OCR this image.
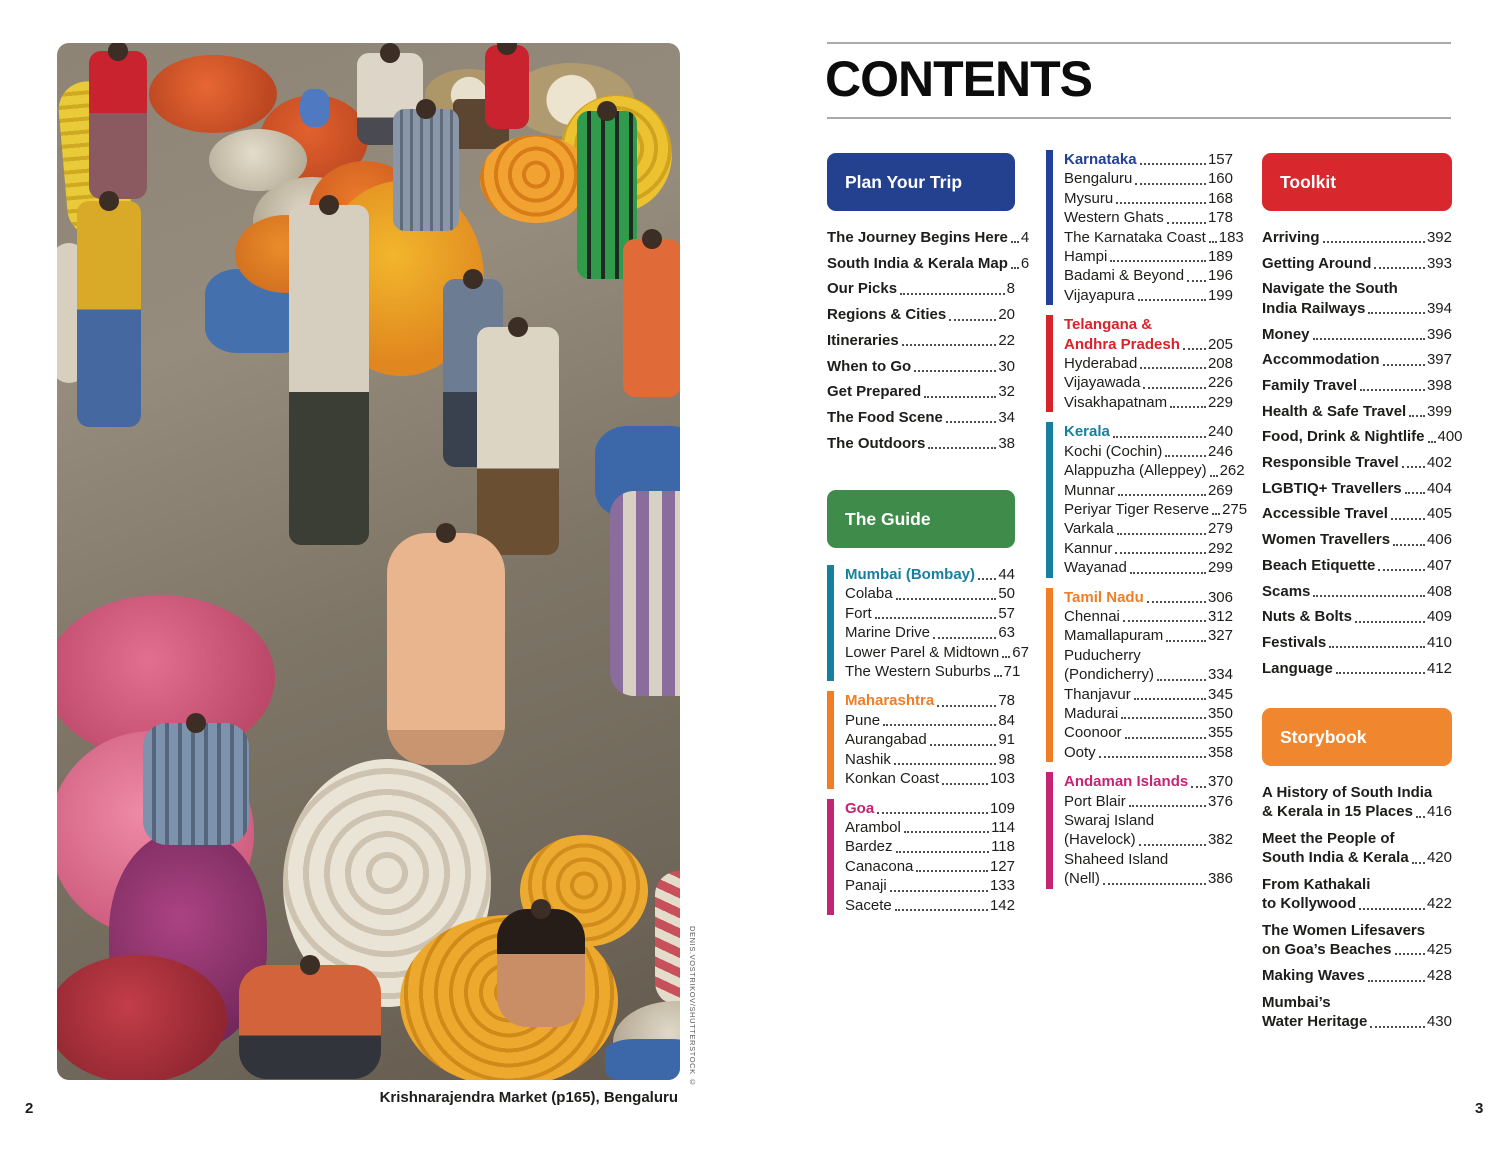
DENIS.VOSTRIKOV/SHUTTERSTOCK ©
Krishnarajendra Market (p165), Bengaluru
2	3
CONTENTS
Plan Your Trip
The Journey Begins Here 4
South India & Kerala Map 6
Our Picks	8
Regions & Cities	20
Itineraries	22
When to Go	30
Get Prepared	32
The Food Scene	34
The Outdoors	38
The Guide
Mumbai (Bombay) 44
Colaba	50
Fort	57
Marine Drive	63
Lower Parel & Midtown 67
The Western Suburbs 71
Maharashtra	78
Pune	84
Aurangabad	91
Nashik	98
Konkan Coast	103
Goa	109
Arambol	114
Bardez	118
Canacona	127
Panaji	133
Sacete	142
Karnataka	157
Bengaluru	160
Mysuru	168
Western Ghats	178
The Karnataka Coast 183
Hampi	189
Badami & Beyond 196
Vijayapura	199
Telangana &
Andhra Pradesh 205
Hyderabad	208
Vijayawada	226
Visakhapatnam	229
Kerala	240
Kochi (Cochin)	246
Alappuzha (Alleppey) 262
Munnar	269
Periyar Tiger Reserve 275
Varkala	279
Kannur	292
Wayanad	299
Tamil Nadu	306
Chennai	312
Mamallapuram	327
Puducherry
(Pondicherry)	334
Thanjavur	345
Madurai	350
Coonoor	355
Ooty	358
Andaman Islands 370
Port Blair	376
Swaraj Island
(Havelock)	382
Shaheed Island
(Nell)	386
Toolkit
Arriving	392
Getting Around	393
Navigate the South
India Railways	394
Money	396
Accommodation	397
Family Travel	398
Health & Safe Travel 399
Food, Drink & Nightlife 400
Responsible Travel 402
LGBTIQ+ Travellers 404
Accessible Travel	405
Women Travellers 406
Beach Etiquette	407
Scams	408
Nuts & Bolts	409
Festivals	410
Language	412
Storybook
A History of South India
& Kerala in 15 Places 416
Meet the People of
South India & Kerala 420
From Kathakali
to Kollywood	422
The Women Lifesavers
on Goa’s Beaches 425
Making Waves	428
Mumbai’s
Water Heritage	430
